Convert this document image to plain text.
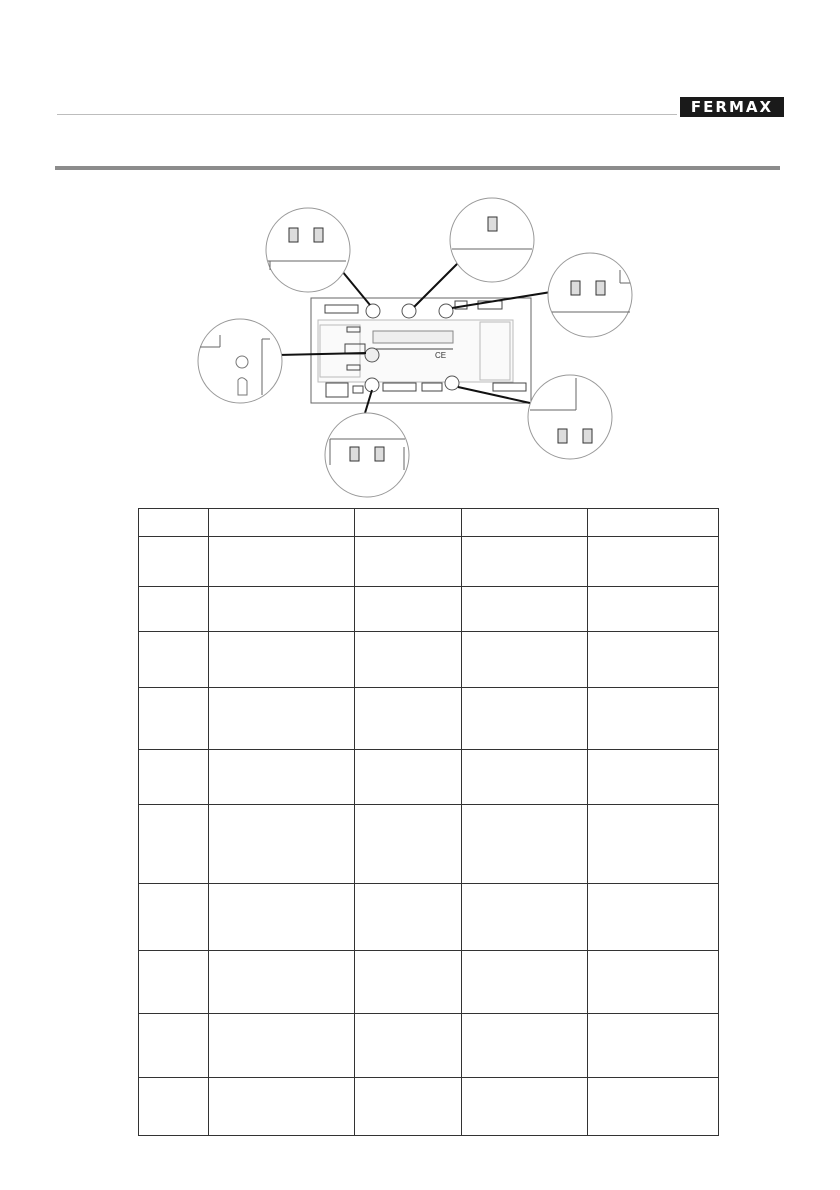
FERMAX
CE
